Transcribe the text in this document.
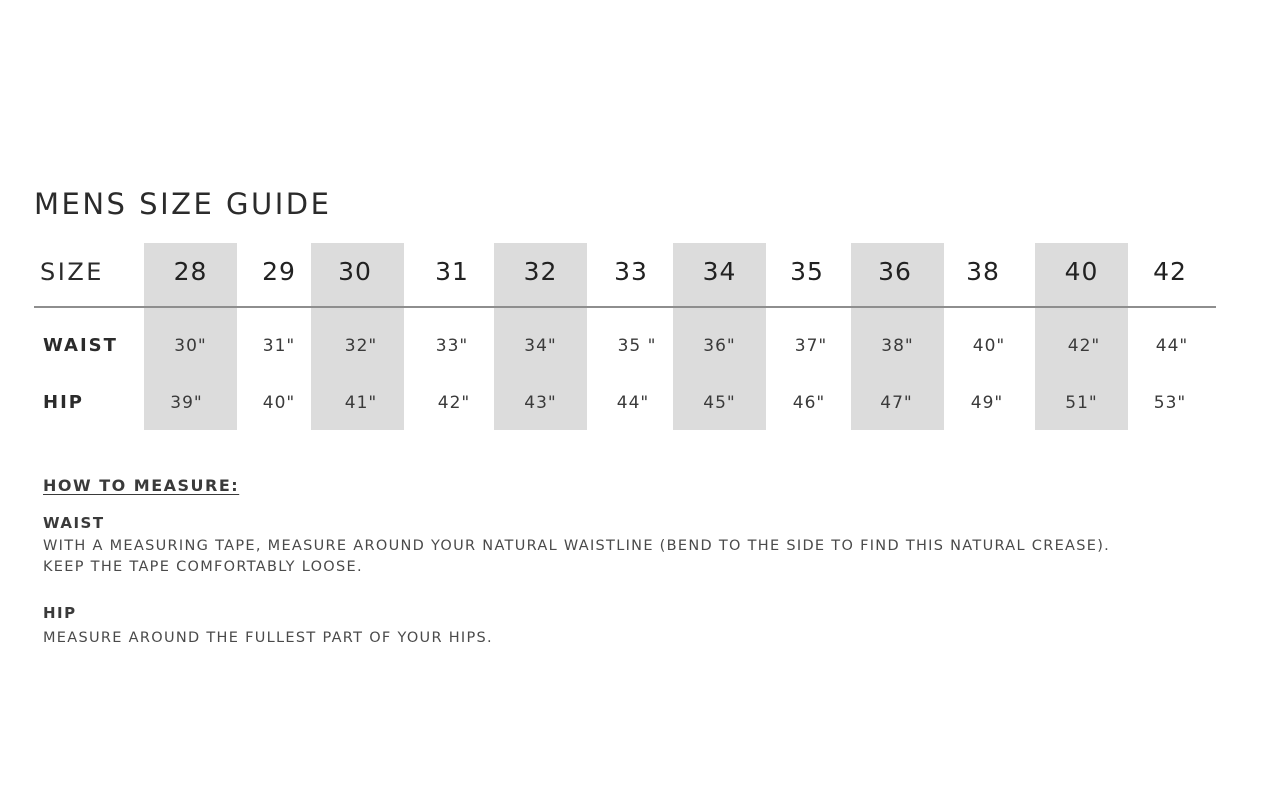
MENS SIZE GUIDE
SIZE	28	29	30	31	32	33	34	35	36	38	40	42
WAIST	30"	31"	32"	33"	34"	35 "	36"	37"	38"	40"	42"	44"
HIP	39"	40"	41"	42"	43"	44"	45"	46"	47"	49"	51"	53"
HOW TO MEASURE:
WAIST
WITH A MEASURING TAPE, MEASURE AROUND YOUR NATURAL WAISTLINE (BEND TO THE SIDE TO FIND THIS NATURAL CREASE).
KEEP THE TAPE COMFORTABLY LOOSE.
HIP
MEASURE AROUND THE FULLEST PART OF YOUR HIPS.
